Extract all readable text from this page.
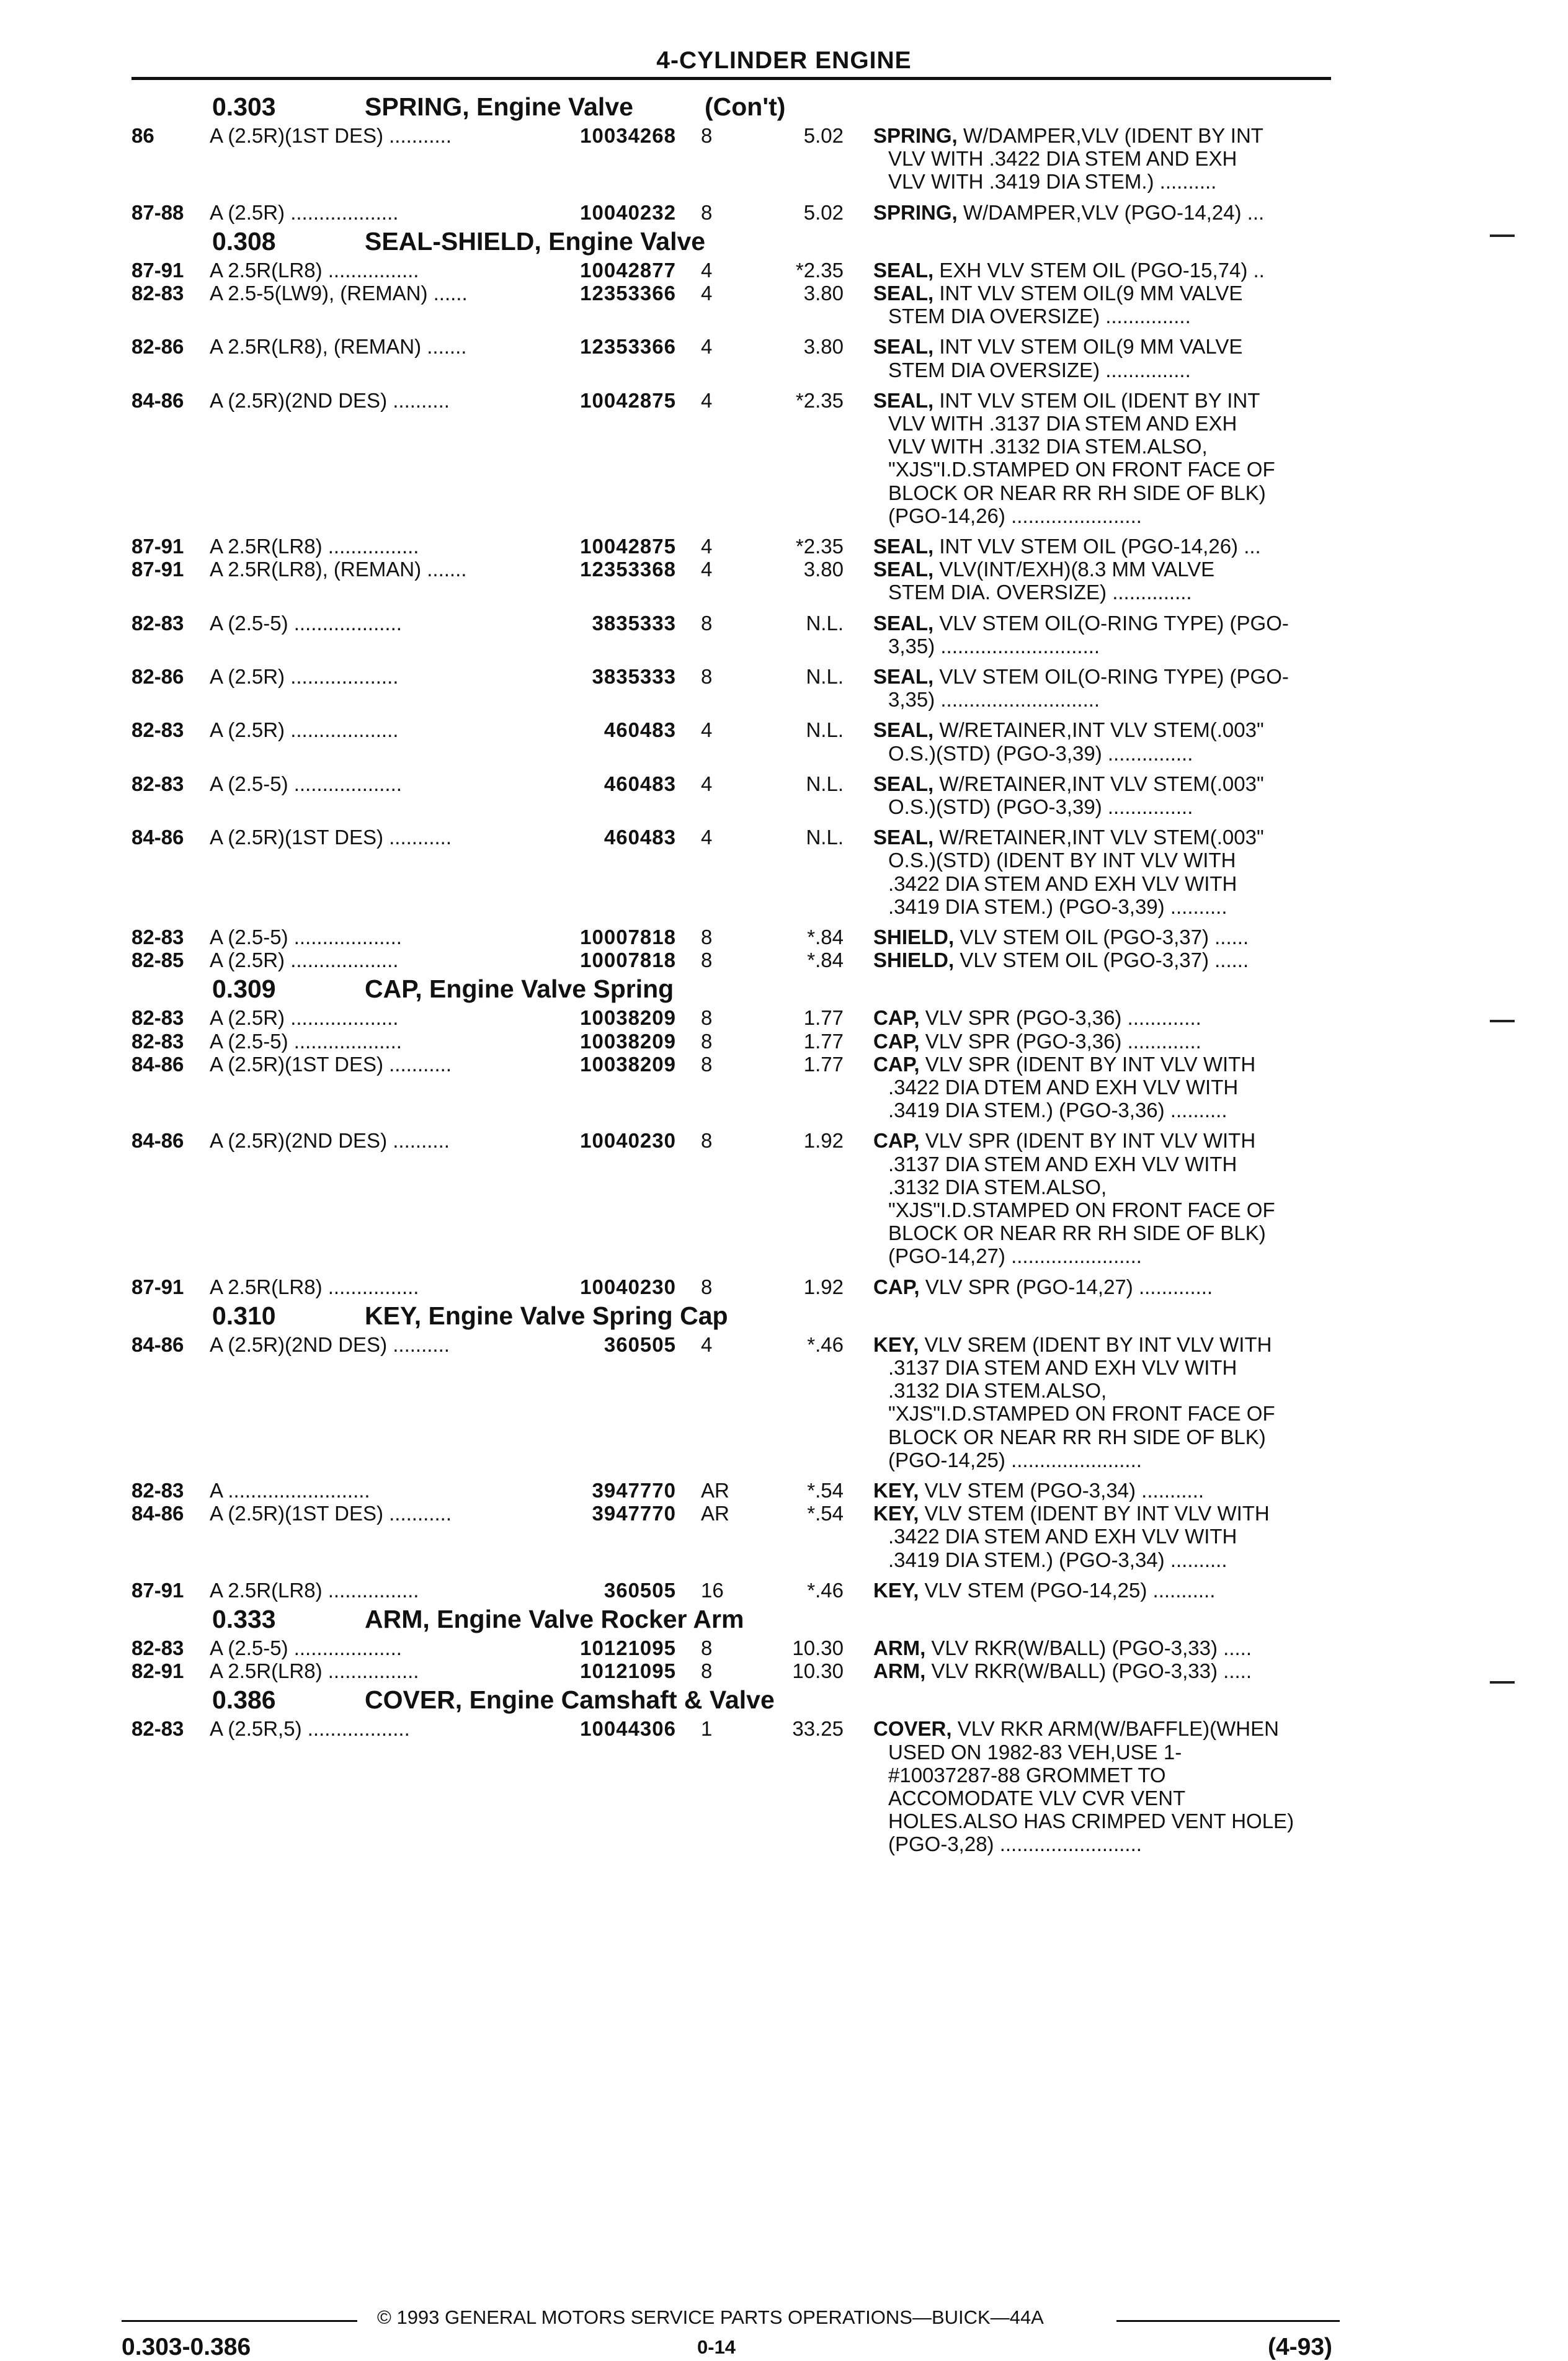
4-CYLINDER ENGINE
0.303	SPRING, Engine Valve	(Con't)
86	A (2.5R)(1ST DES) ...........	10034268 8	5.02 SPRING, W/DAMPER,VLV (IDENT BY INT
VLV WITH .3422 DIA STEM AND EXH
VLV WITH .3419 DIA STEM.) ..........
87-88 A (2.5R) ...................	10040232 8	5.02 SPRING, W/DAMPER,VLV (PGO-14,24) ...
0.308	SEAL-SHIELD, Engine Valve
87-91 A 2.5R(LR8) ................	10042877 4	*2.35 SEAL, EXH VLV STEM OIL (PGO-15,74) ..
82-83 A 2.5-5(LW9), (REMAN) ......	12353366 4	3.80 SEAL, INT VLV STEM OIL(9 MM VALVE
STEM DIA OVERSIZE) ...............
82-86 A 2.5R(LR8), (REMAN) .......	12353366 4	3.80 SEAL, INT VLV STEM OIL(9 MM VALVE
STEM DIA OVERSIZE) ...............
84-86 A (2.5R)(2ND DES) ..........	10042875 4	*2.35 SEAL, INT VLV STEM OIL (IDENT BY INT
VLV WITH .3137 DIA STEM AND EXH
VLV WITH .3132 DIA STEM.ALSO,
"XJS"I.D.STAMPED ON FRONT FACE OF
BLOCK OR NEAR RR RH SIDE OF BLK)
(PGO-14,26) .......................
87-91 A 2.5R(LR8) ................	10042875 4	*2.35 SEAL, INT VLV STEM OIL (PGO-14,26) ...
87-91 A 2.5R(LR8), (REMAN) .......	12353368 4	3.80 SEAL, VLV(INT/EXH)(8.3 MM VALVE
STEM DIA. OVERSIZE) ..............
82-83 A (2.5-5) ...................	3835333 8	N.L. SEAL, VLV STEM OIL(O-RING TYPE) (PGO-
3,35) ............................
82-86 A (2.5R) ...................	3835333 8	N.L. SEAL, VLV STEM OIL(O-RING TYPE) (PGO-
3,35) ............................
82-83 A (2.5R) ...................	460483 4	N.L. SEAL, W/RETAINER,INT VLV STEM(.003"
O.S.)(STD) (PGO-3,39) ...............
82-83 A (2.5-5) ...................	460483 4	N.L. SEAL, W/RETAINER,INT VLV STEM(.003"
O.S.)(STD) (PGO-3,39) ...............
84-86 A (2.5R)(1ST DES) ...........	460483 4	N.L. SEAL, W/RETAINER,INT VLV STEM(.003"
O.S.)(STD) (IDENT BY INT VLV WITH
.3422 DIA STEM AND EXH VLV WITH
.3419 DIA STEM.) (PGO-3,39) ..........
82-83 A (2.5-5) ...................	10007818 8	*.84 SHIELD, VLV STEM OIL (PGO-3,37) ......
82-85 A (2.5R) ...................	10007818 8	*.84 SHIELD, VLV STEM OIL (PGO-3,37) ......
0.309	CAP, Engine Valve Spring
82-83 A (2.5R) ...................	10038209 8	1.77 CAP, VLV SPR (PGO-3,36) .............
82-83 A (2.5-5) ...................	10038209 8	1.77 CAP, VLV SPR (PGO-3,36) .............
84-86 A (2.5R)(1ST DES) ...........	10038209 8	1.77 CAP, VLV SPR (IDENT BY INT VLV WITH
.3422 DIA DTEM AND EXH VLV WITH
.3419 DIA STEM.) (PGO-3,36) ..........
84-86 A (2.5R)(2ND DES) ..........	10040230 8	1.92 CAP, VLV SPR (IDENT BY INT VLV WITH
.3137 DIA STEM AND EXH VLV WITH
.3132 DIA STEM.ALSO,
"XJS"I.D.STAMPED ON FRONT FACE OF
BLOCK OR NEAR RR RH SIDE OF BLK)
(PGO-14,27) .......................
87-91 A 2.5R(LR8) ................	10040230 8	1.92 CAP, VLV SPR (PGO-14,27) .............
0.310	KEY, Engine Valve Spring Cap
84-86 A (2.5R)(2ND DES) ..........	360505 4	*.46 KEY, VLV SREM (IDENT BY INT VLV WITH
.3137 DIA STEM AND EXH VLV WITH
.3132 DIA STEM.ALSO,
"XJS"I.D.STAMPED ON FRONT FACE OF
BLOCK OR NEAR RR RH SIDE OF BLK)
(PGO-14,25) .......................
82-83 A .........................	3947770 AR	*.54 KEY, VLV STEM (PGO-3,34) ...........
84-86 A (2.5R)(1ST DES) ...........	3947770 AR	*.54 KEY, VLV STEM (IDENT BY INT VLV WITH
.3422 DIA STEM AND EXH VLV WITH
.3419 DIA STEM.) (PGO-3,34) ..........
87-91 A 2.5R(LR8) ................	360505 16	*.46 KEY, VLV STEM (PGO-14,25) ...........
0.333	ARM, Engine Valve Rocker Arm
82-83 A (2.5-5) ...................	10121095 8	10.30 ARM, VLV RKR(W/BALL) (PGO-3,33) .....
82-91 A 2.5R(LR8) ................	10121095 8	10.30 ARM, VLV RKR(W/BALL) (PGO-3,33) .....
0.386	COVER, Engine Camshaft & Valve
82-83 A (2.5R,5) ..................	10044306 1	33.25 COVER, VLV RKR ARM(W/BAFFLE)(WHEN
USED ON 1982-83 VEH,USE 1-
#10037287-88 GROMMET TO
ACCOMODATE VLV CVR VENT
HOLES.ALSO HAS CRIMPED VENT HOLE)
(PGO-3,28) .........................
© 1993 GENERAL MOTORS SERVICE PARTS OPERATIONS—BUICK—44A
0.303-0.386	0-14	(4-93)
